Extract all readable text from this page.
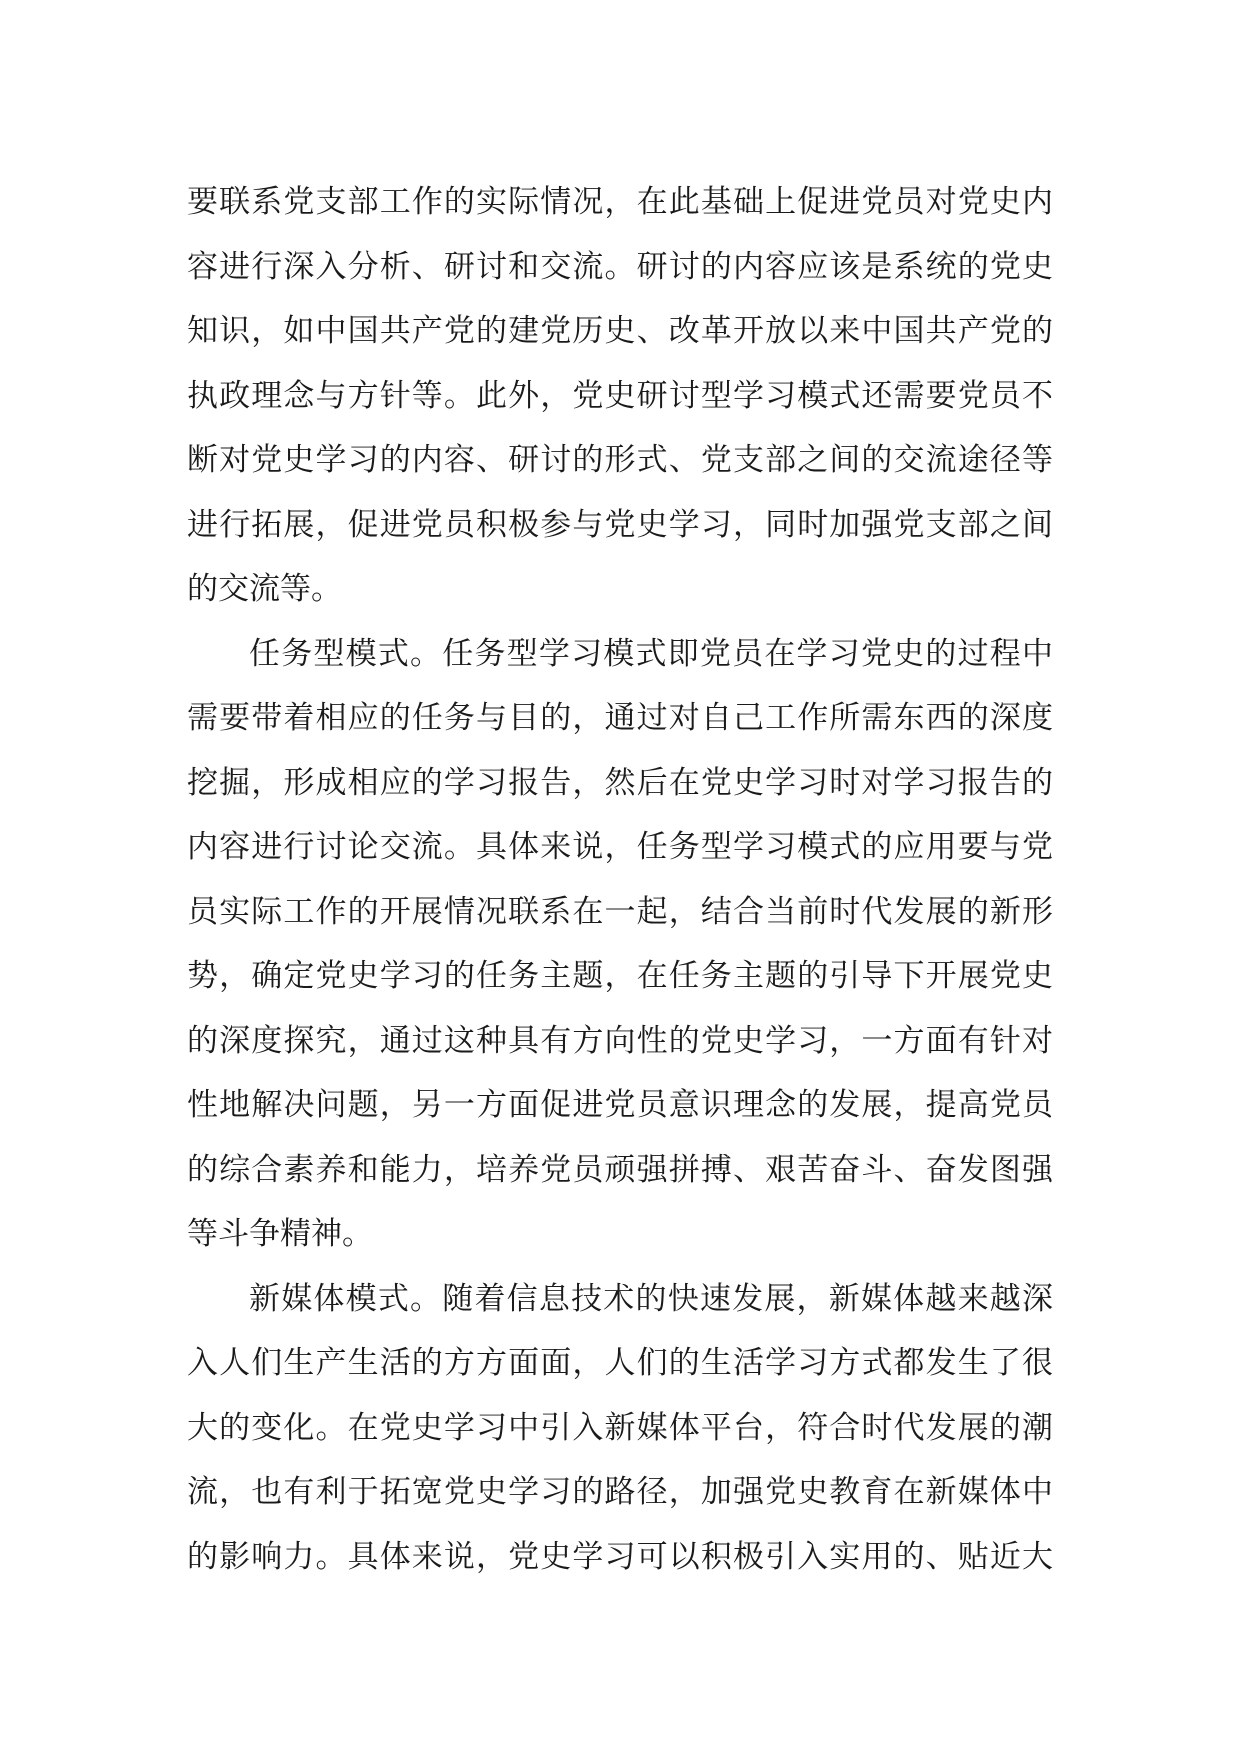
要联系党支部工作的实际情况，在此基础上促进党员对党史内
容进行深入分析、研讨和交流。研讨的内容应该是系统的党史
知识，如中国共产党的建党历史、改革开放以来中国共产党的
执政理念与方针等。此外，党史研讨型学习模式还需要党员不
断对党史学习的内容、研讨的形式、党支部之间的交流途径等
进行拓展，促进党员积极参与党史学习，同时加强党支部之间
的交流等。
任务型模式。任务型学习模式即党员在学习党史的过程中
需要带着相应的任务与目的，通过对自己工作所需东西的深度
挖掘，形成相应的学习报告，然后在党史学习时对学习报告的
内容进行讨论交流。具体来说，任务型学习模式的应用要与党
员实际工作的开展情况联系在一起，结合当前时代发展的新形
势，确定党史学习的任务主题，在任务主题的引导下开展党史
的深度探究，通过这种具有方向性的党史学习，一方面有针对
性地解决问题，另一方面促进党员意识理念的发展，提高党员
的综合素养和能力，培养党员顽强拼搏、艰苦奋斗、奋发图强
等斗争精神。
新媒体模式。随着信息技术的快速发展，新媒体越来越深
入人们生产生活的方方面面，人们的生活学习方式都发生了很
大的变化。在党史学习中引入新媒体平台，符合时代发展的潮
流，也有利于拓宽党史学习的路径，加强党史教育在新媒体中
的影响力。具体来说，党史学习可以积极引入实用的、贴近大
